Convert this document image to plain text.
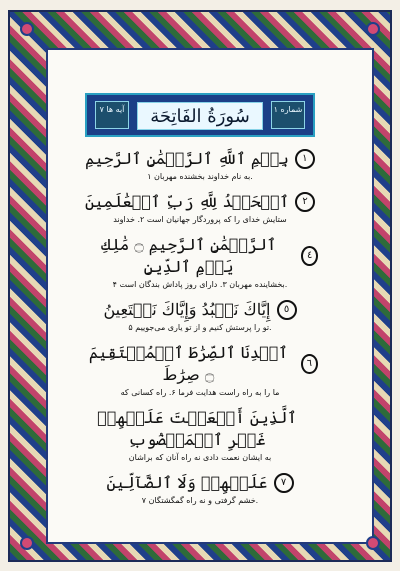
آیه ها ۷	سُورَةُ الفَاتِحَة	شماره ۱

بِسۡمِ ٱللَّهِ ٱلرَّحۡمَٰنِ ٱلرَّحِيمِ	١

به نام خداوند بخشنده مهربان ۱.

ٱلۡحَمۡدُ لِلَّهِ رَبِّ ٱلۡعَٰلَمِينَ	٢

ستایش خدای را که پروردگار جهانیان است ۲. خداوند

ٱلرَّحۡمَٰنِ ٱلرَّحِيمِ ۝ مَٰلِكِ يَوۡمِ ٱلدِّينِ
٤

بخشاینده مهربان ۳. دارای روز پاداش بندگان است ۴.

إِيَّاكَ نَعۡبُدُ وَإِيَّاكَ نَسۡتَعِينُ	٥

تو را پرستش کنیم و از تو یاری می‌جوییم ۵.

ٱهۡدِنَا ٱلصِّرَٰطَ ٱلۡمُسۡتَقِيمَ ۝ صِرَٰطَ
٦

ما را به راه راست هدایت فرما ۶. راه کسانی که

ٱلَّذِينَ أَنۡعَمۡتَ عَلَيۡهِمۡ غَيۡرِ ٱلۡمَغۡضُوبِ

به ایشان نعمت دادی نه راه آنان که براشان

عَلَيۡهِمۡ وَلَا ٱلضَّآلِّينَ	٧

خشم گرفتی و نه راه گمگشتگان ۷.
